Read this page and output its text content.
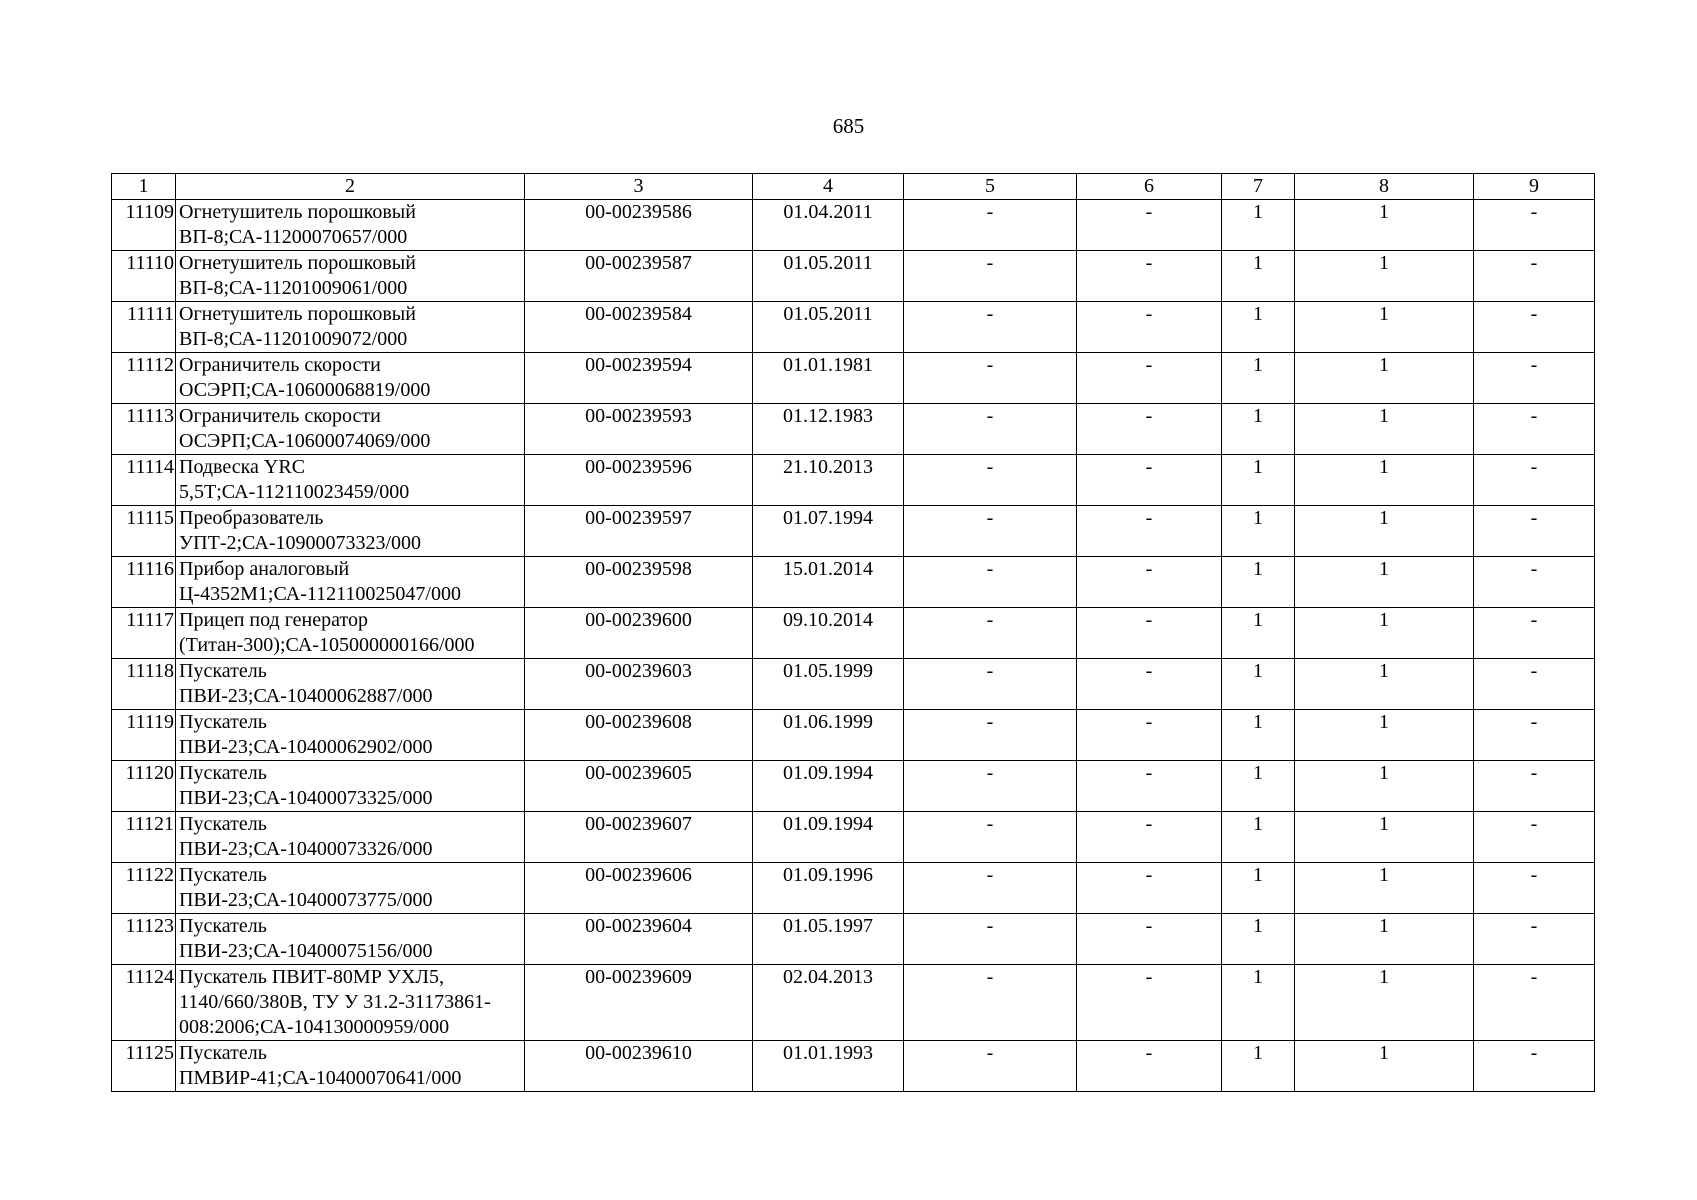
685
1	2	3	4	5	6	7	8	9
11109	Огнетушитель порошковый ВП-8;СА-11200070657/000	00-00239586	01.04.2011	-	-	1	1	-
11110	Огнетушитель порошковый ВП-8;СА-11201009061/000	00-00239587	01.05.2011	-	-	1	1	-
11111	Огнетушитель порошковый ВП-8;СА-11201009072/000	00-00239584	01.05.2011	-	-	1	1	-
11112	Ограничитель скорости ОСЭРП;СА-10600068819/000	00-00239594	01.01.1981	-	-	1	1	-
11113	Ограничитель скорости ОСЭРП;СА-10600074069/000	00-00239593	01.12.1983	-	-	1	1	-
11114	Подвеска YRC 5,5Т;СА-112110023459/000	00-00239596	21.10.2013	-	-	1	1	-
11115	Преобразователь УПТ-2;СА-10900073323/000	00-00239597	01.07.1994	-	-	1	1	-
11116	Прибор аналоговый Ц-4352М1;СА-112110025047/000	00-00239598	15.01.2014	-	-	1	1	-
11117	Прицеп под генератор (Титан-300);СА-105000000166/000	00-00239600	09.10.2014	-	-	1	1	-
11118	Пускатель ПВИ-23;СА-10400062887/000	00-00239603	01.05.1999	-	-	1	1	-
11119	Пускатель ПВИ-23;СА-10400062902/000	00-00239608	01.06.1999	-	-	1	1	-
11120	Пускатель ПВИ-23;СА-10400073325/000	00-00239605	01.09.1994	-	-	1	1	-
11121	Пускатель ПВИ-23;СА-10400073326/000	00-00239607	01.09.1994	-	-	1	1	-
11122	Пускатель ПВИ-23;СА-10400073775/000	00-00239606	01.09.1996	-	-	1	1	-
11123	Пускатель ПВИ-23;СА-10400075156/000	00-00239604	01.05.1997	-	-	1	1	-
11124	Пускатель ПВИТ-80МР УХЛ5, 1140/660/380В, ТУ У 31.2-31173861-008:2006;СА-104130000959/000	00-00239609	02.04.2013	-	-	1	1	-
11125	Пускатель ПМВИР-41;СА-10400070641/000	00-00239610	01.01.1993	-	-	1	1	-
